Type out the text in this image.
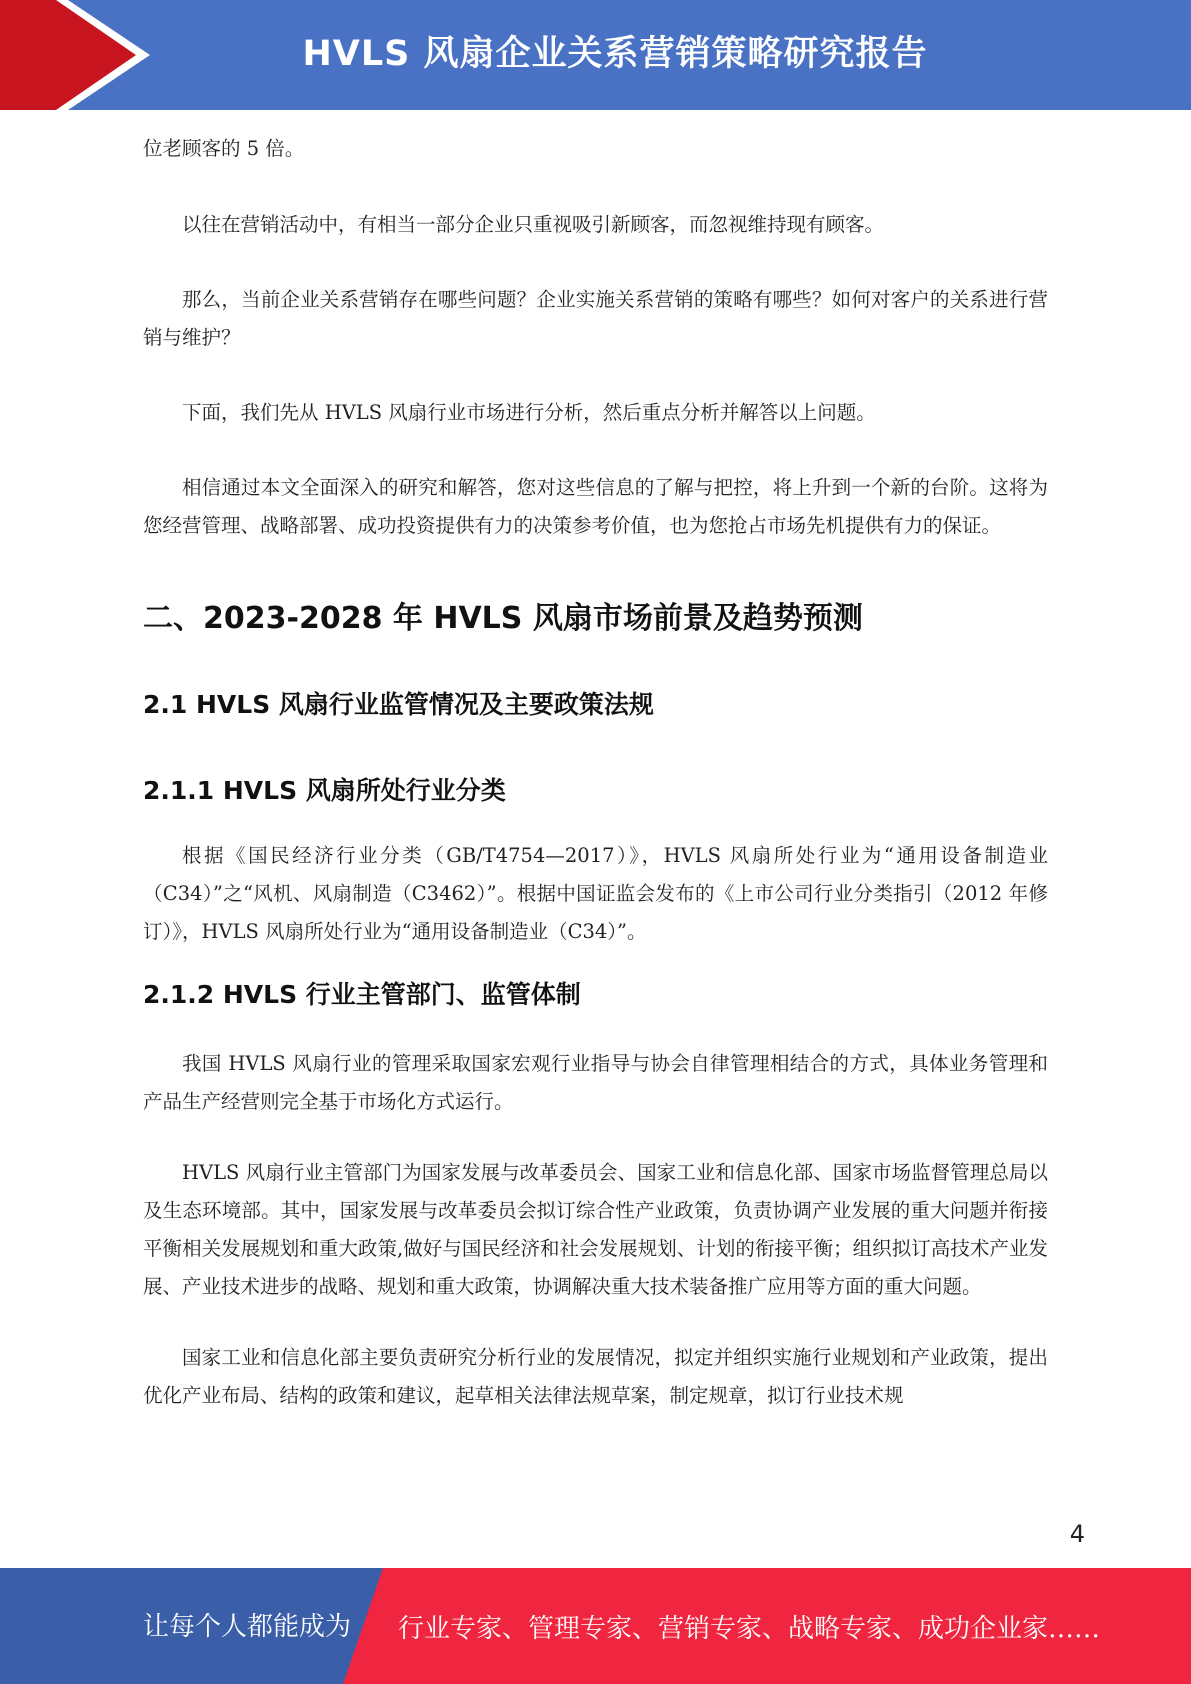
HVLS 风扇企业关系营销策略研究报告

位老顾客的 5 倍。

以往在营销活动中，有相当一部分企业只重视吸引新顾客，而忽视维持现有顾客。

那么，当前企业关系营销存在哪些问题？企业实施关系营销的策略有哪些？如何对客户的关系进行营销与维护？

下面，我们先从 HVLS 风扇行业市场进行分析，然后重点分析并解答以上问题。

相信通过本文全面深入的研究和解答，您对这些信息的了解与把控，将上升到一个新的台阶。这将为您经营管理、战略部署、成功投资提供有力的决策参考价值，也为您抢占市场先机提供有力的保证。

二、2023-2028 年 HVLS 风扇市场前景及趋势预测
2.1 HVLS 风扇行业监管情况及主要政策法规
2.1.1 HVLS 风扇所处行业分类

根据《国民经济行业分类（GB/T4754—2017）》，HVLS 风扇所处行业为“通用设备制造业（C34）”之“风机、风扇制造（C3462）”。根据中国证监会发布的《上市公司行业分类指引（2012 年修订）》，HVLS 风扇所处行业为“通用设备制造业（C34）”。

2.1.2 HVLS 行业主管部门、监管体制

我国 HVLS 风扇行业的管理采取国家宏观行业指导与协会自律管理相结合的方式，具体业务管理和产品生产经营则完全基于市场化方式运行。

HVLS 风扇行业主管部门为国家发展与改革委员会、国家工业和信息化部、国家市场监督管理总局以及生态环境部。其中，国家发展与改革委员会拟订综合性产业政策，负责协调产业发展的重大问题并衔接平衡相关发展规划和重大政策,做好与国民经济和社会发展规划、计划的衔接平衡；组织拟订高技术产业发展、产业技术进步的战略、规划和重大政策，协调解决重大技术装备推广应用等方面的重大问题。

国家工业和信息化部主要负责研究分析行业的发展情况，拟定并组织实施行业规划和产业政策，提出优化产业布局、结构的政策和建议，起草相关法律法规草案，制定规章，拟订行业技术规

4
让每个人都能成为 行业专家、管理专家、营销专家、战略专家、成功企业家……
